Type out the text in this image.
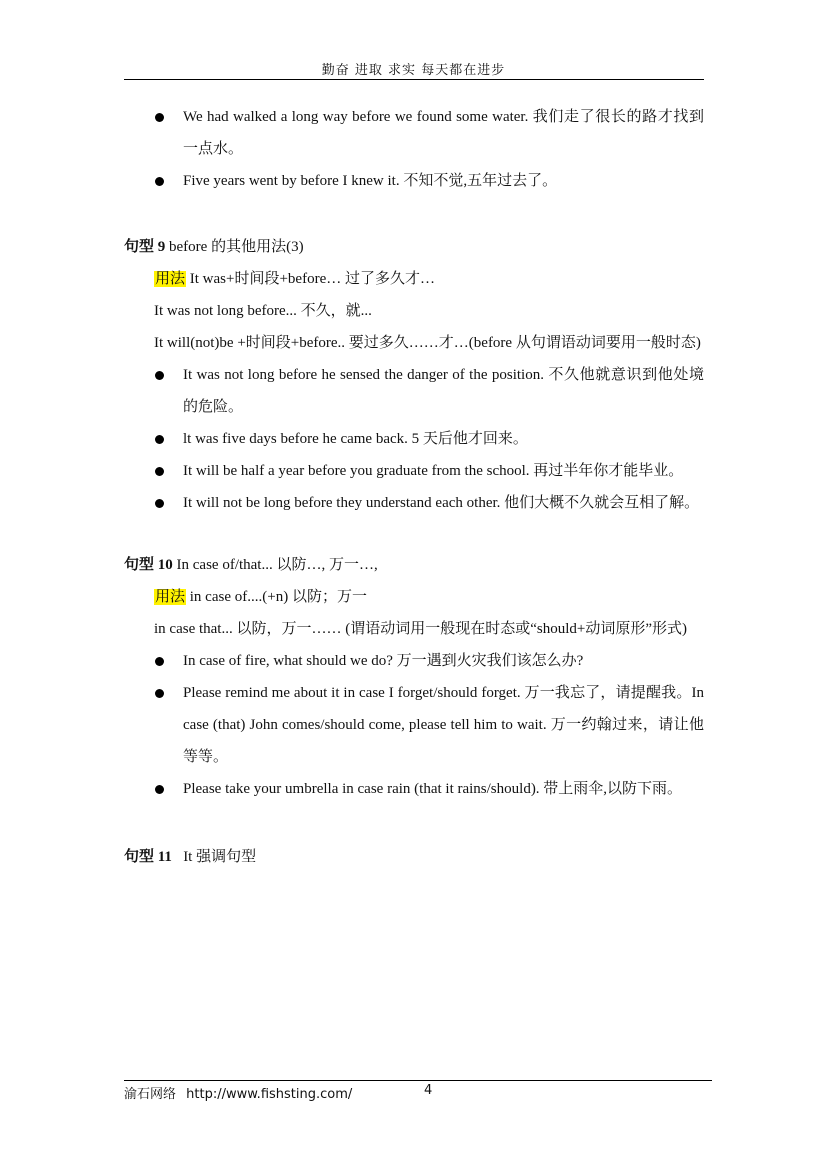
勤奋 进取 求实 每天都在进步
We had walked a long way before we found some water. 我们走了很长的路才找到一点水。
Five years went by before I knew it. 不知不觉,五年过去了。
句型 9 before 的其他用法(3)
用法 It was+时间段+before… 过了多久才…
It was not long before... 不久，就...
It will(not)be +时间段+before.. 要过多久……才…(before 从句谓语动词要用一般时态)
It was not long before he sensed the danger of the position. 不久他就意识到他处境的危险。
lt was five days before he came back. 5 天后他才回来。
It will be half a year before you graduate from the school. 再过半年你才能毕业。
It will not be long before they understand each other. 他们大概不久就会互相了解。
句型 10 In case of/that... 以防…, 万一…,
用法 in case of....(+n) 以防；万一
in case that... 以防，万一…… (谓语动词用一般现在时态或“should+动词原形”形式)
In case of fire, what should we do? 万一遇到火灾我们该怎么办?
Please remind me about it in case I forget/should forget. 万一我忘了，请提醒我。In case (that) John comes/should come, please tell him to wait. 万一约翰过来，请让他等等。
Please take your umbrella in case rain (that it rains/should). 带上雨伞,以防下雨。
句型 11   It 强调句型
渝石网络 http://www.fishsting.com/	4
